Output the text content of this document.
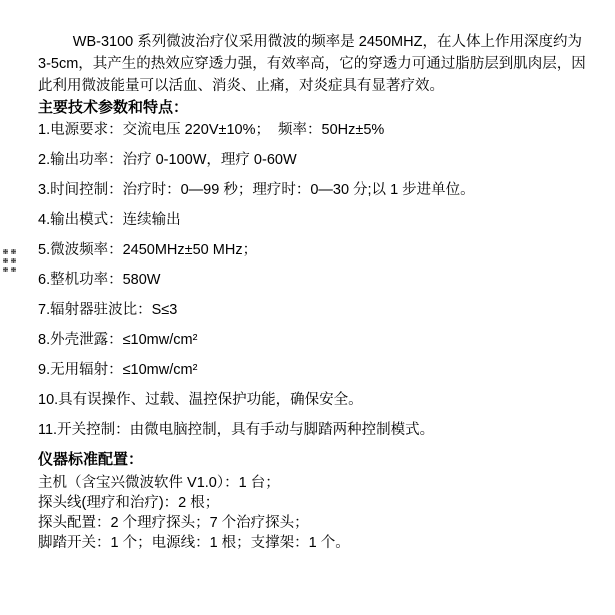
WB-3100 系列微波治疗仪采用微波的频率是 2450MHZ，在人体上作用深度约为 3-5cm，其产生的热效应穿透力强，有效率高，它的穿透力可通过脂肪层到肌肉层，因此利用微波能量可以活血、消炎、止痛，对炎症具有显著疗效。

主要技术参数和特点：

1.电源要求：交流电压 220V±10%；  频率：50Hz±5%

2.输出功率：治疗 0-100W，理疗 0-60W

3.时间控制：治疗时：0—99 秒；理疗时：0—30 分;以 1 步进单位。

4.输出模式：连续输出

5.微波频率：2450MHz±50 MHz；

6.整机功率：580W

7.辐射器驻波比：S≤3

8.外壳泄露：≤10mw/cm²

9.无用辐射：≤10mw/cm²

10.具有误操作、过载、温控保护功能，确保安全。

11.开关控制：由微电脑控制，具有手动与脚踏两种控制模式。

仪器标准配置：

主机（含宝兴微波软件 V1.0）：1 台；

探头线(理疗和治疗)：2 根；

探头配置：2 个理疗探头；7 个治疗探头；

脚踏开关：1 个；电源线：1 根；支撑架：1 个。
